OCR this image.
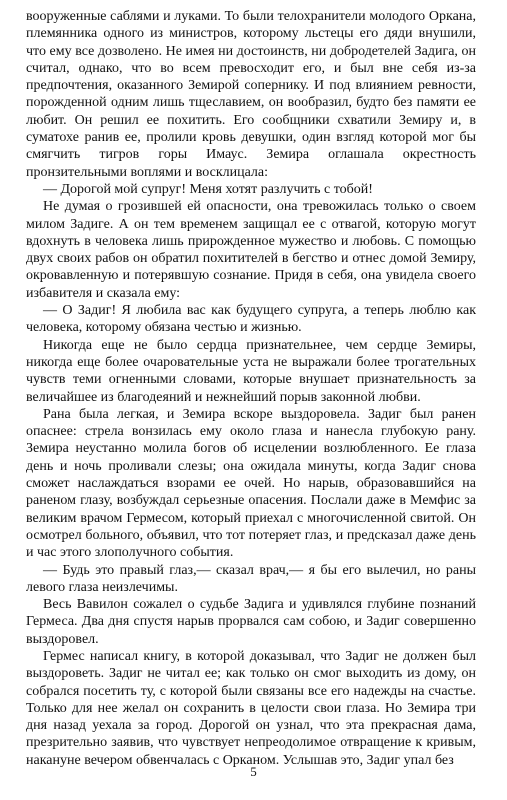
вооруженные саблями и луками. То были телохранители молодого Оркана, племянника одного из министров, которому льстецы его дяди внушили, что ему все дозволено. Не имея ни достоинств, ни добродетелей Задига, он считал, однако, что во всем превосходит его, и был вне себя из-за предпочтения, оказанного Земирой сопернику. И под влиянием ревности, порожденной одним лишь тщеславием, он вообразил, будто без памяти ее любит. Он решил ее похитить. Его сообщники схватили Земиру и, в суматохе ранив ее, пролили кровь девушки, один взгляд которой мог бы смягчить тигров горы Имаус. Земира оглашала окрестность пронзительными воплями и восклицала:

— Дорогой мой супруг! Меня хотят разлучить с тобой!

Не думая о грозившей ей опасности, она тревожилась только о своем милом Задиге. А он тем временем защищал ее с отвагой, которую могут вдохнуть в человека лишь прирожденное мужество и любовь. С помощью двух своих рабов он обратил похитителей в бегство и отнес домой Земиру, окровавленную и потерявшую сознание. Придя в себя, она увидела своего избавителя и сказала ему:

— О Задиг! Я любила вас как будущего супруга, а теперь люблю как человека, которому обязана честью и жизнью.

Никогда еще не было сердца признательнее, чем сердце Земиры, никогда еще более очаровательные уста не выражали более трогательных чувств теми огненными словами, которые внушает признательность за величайшее из благодеяний и нежнейший порыв законной любви.

Рана была легкая, и Земира вскоре выздоровела. Задиг был ранен опаснее: стрела вонзилась ему около глаза и нанесла глубокую рану. Земира неустанно молила богов об исцелении возлюбленного. Ее глаза день и ночь проливали слезы; она ожидала минуты, когда Задиг снова сможет наслаждаться взорами ее очей. Но нарыв, образовавшийся на раненом глазу, возбуждал серьезные опасения. Послали даже в Мемфис за великим врачом Гермесом, который приехал с многочисленной свитой. Он осмотрел больного, объявил, что тот потеряет глаз, и предсказал даже день и час этого злополучного события.

— Будь это правый глаз,— сказал врач,— я бы его вылечил, но раны левого глаза неизлечимы.

Весь Вавилон сожалел о судьбе Задига и удивлялся глубине познаний Гермеса. Два дня спустя нарыв прорвался сам собою, и Задиг совершенно выздоровел.

Гермес написал книгу, в которой доказывал, что Задиг не должен был выздороветь. Задиг не читал ее; как только он смог выходить из дому, он собрался посетить ту, с которой были связаны все его надежды на счастье. Только для нее желал он сохранить в целости свои глаза. Но Земира три дня назад уехала за город. Дорогой он узнал, что эта прекрасная дама, презрительно заявив, что чувствует непреодолимое отвращение к кривым, накануне вечером обвенчалась с Орканом. Услышав это, Задиг упал без

5
